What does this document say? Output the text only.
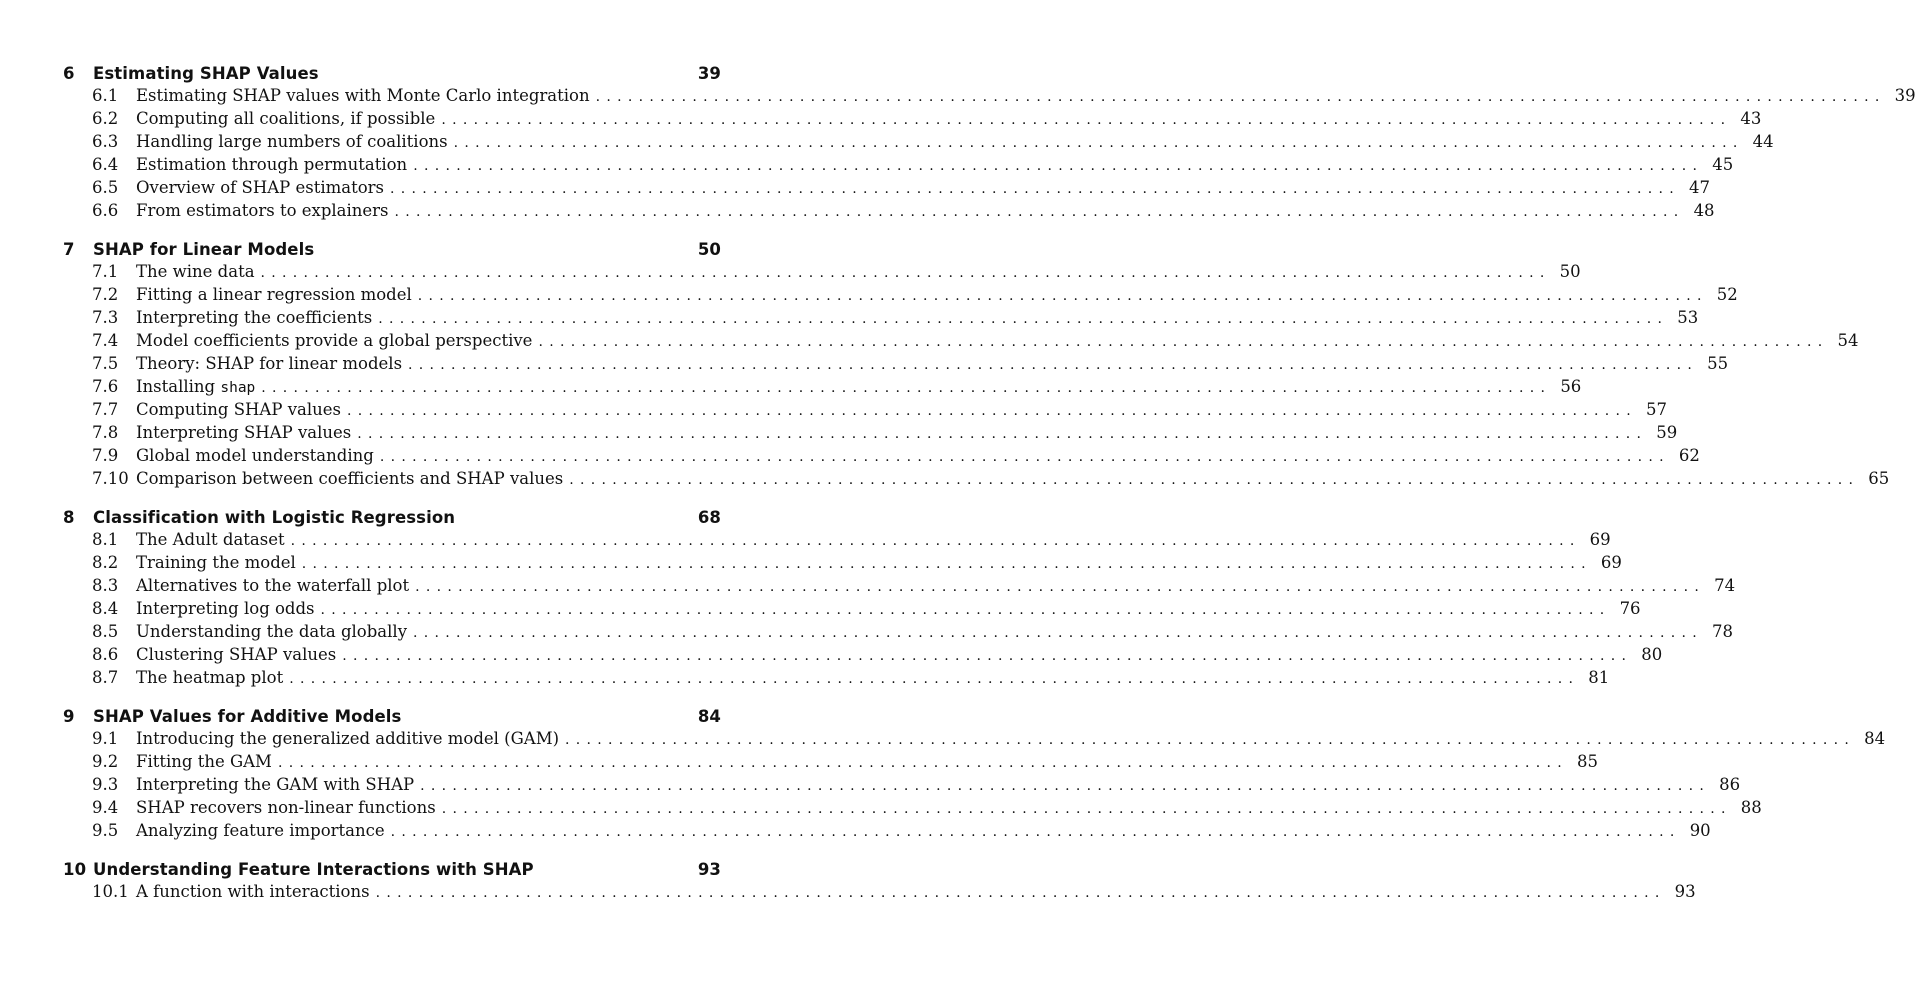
6	Estimating SHAP Values	39
6.1	Estimating SHAP values with Monte Carlo integration ........................................................................................................................ 39
6.2	Computing all coalitions, if possible ........................................................................................................................ 43
6.3	Handling large numbers of coalitions ........................................................................................................................ 44
6.4	Estimation through permutation ........................................................................................................................ 45
6.5	Overview of SHAP estimators ........................................................................................................................ 47
6.6	From estimators to explainers ........................................................................................................................ 48
7	SHAP for Linear Models	50
7.1	The wine data ........................................................................................................................ 50
7.2	Fitting a linear regression model ........................................................................................................................ 52
7.3	Interpreting the coefficients ........................................................................................................................ 53
7.4	Model coefficients provide a global perspective ........................................................................................................................ 54
7.5	Theory: SHAP for linear models ........................................................................................................................ 55
7.6	Installing shap ........................................................................................................................ 56
7.7	Computing SHAP values ........................................................................................................................ 57
7.8	Interpreting SHAP values ........................................................................................................................ 59
7.9	Global model understanding ........................................................................................................................ 62
7.10 Comparison between coefficients and SHAP values ........................................................................................................................ 65
8	Classification with Logistic Regression	68
8.1	The Adult dataset ........................................................................................................................ 69
8.2	Training the model ........................................................................................................................ 69
8.3	Alternatives to the waterfall plot ........................................................................................................................ 74
8.4	Interpreting log odds ........................................................................................................................ 76
8.5	Understanding the data globally ........................................................................................................................ 78
8.6	Clustering SHAP values ........................................................................................................................ 80
8.7	The heatmap plot ........................................................................................................................ 81
9	SHAP Values for Additive Models	84
9.1	Introducing the generalized additive model (GAM) ........................................................................................................................ 84
9.2	Fitting the GAM ........................................................................................................................ 85
9.3	Interpreting the GAM with SHAP ........................................................................................................................ 86
9.4	SHAP recovers non-linear functions ........................................................................................................................ 88
9.5	Analyzing feature importance ........................................................................................................................ 90
10 Understanding Feature Interactions with SHAP	93
10.1 A function with interactions ........................................................................................................................ 93
